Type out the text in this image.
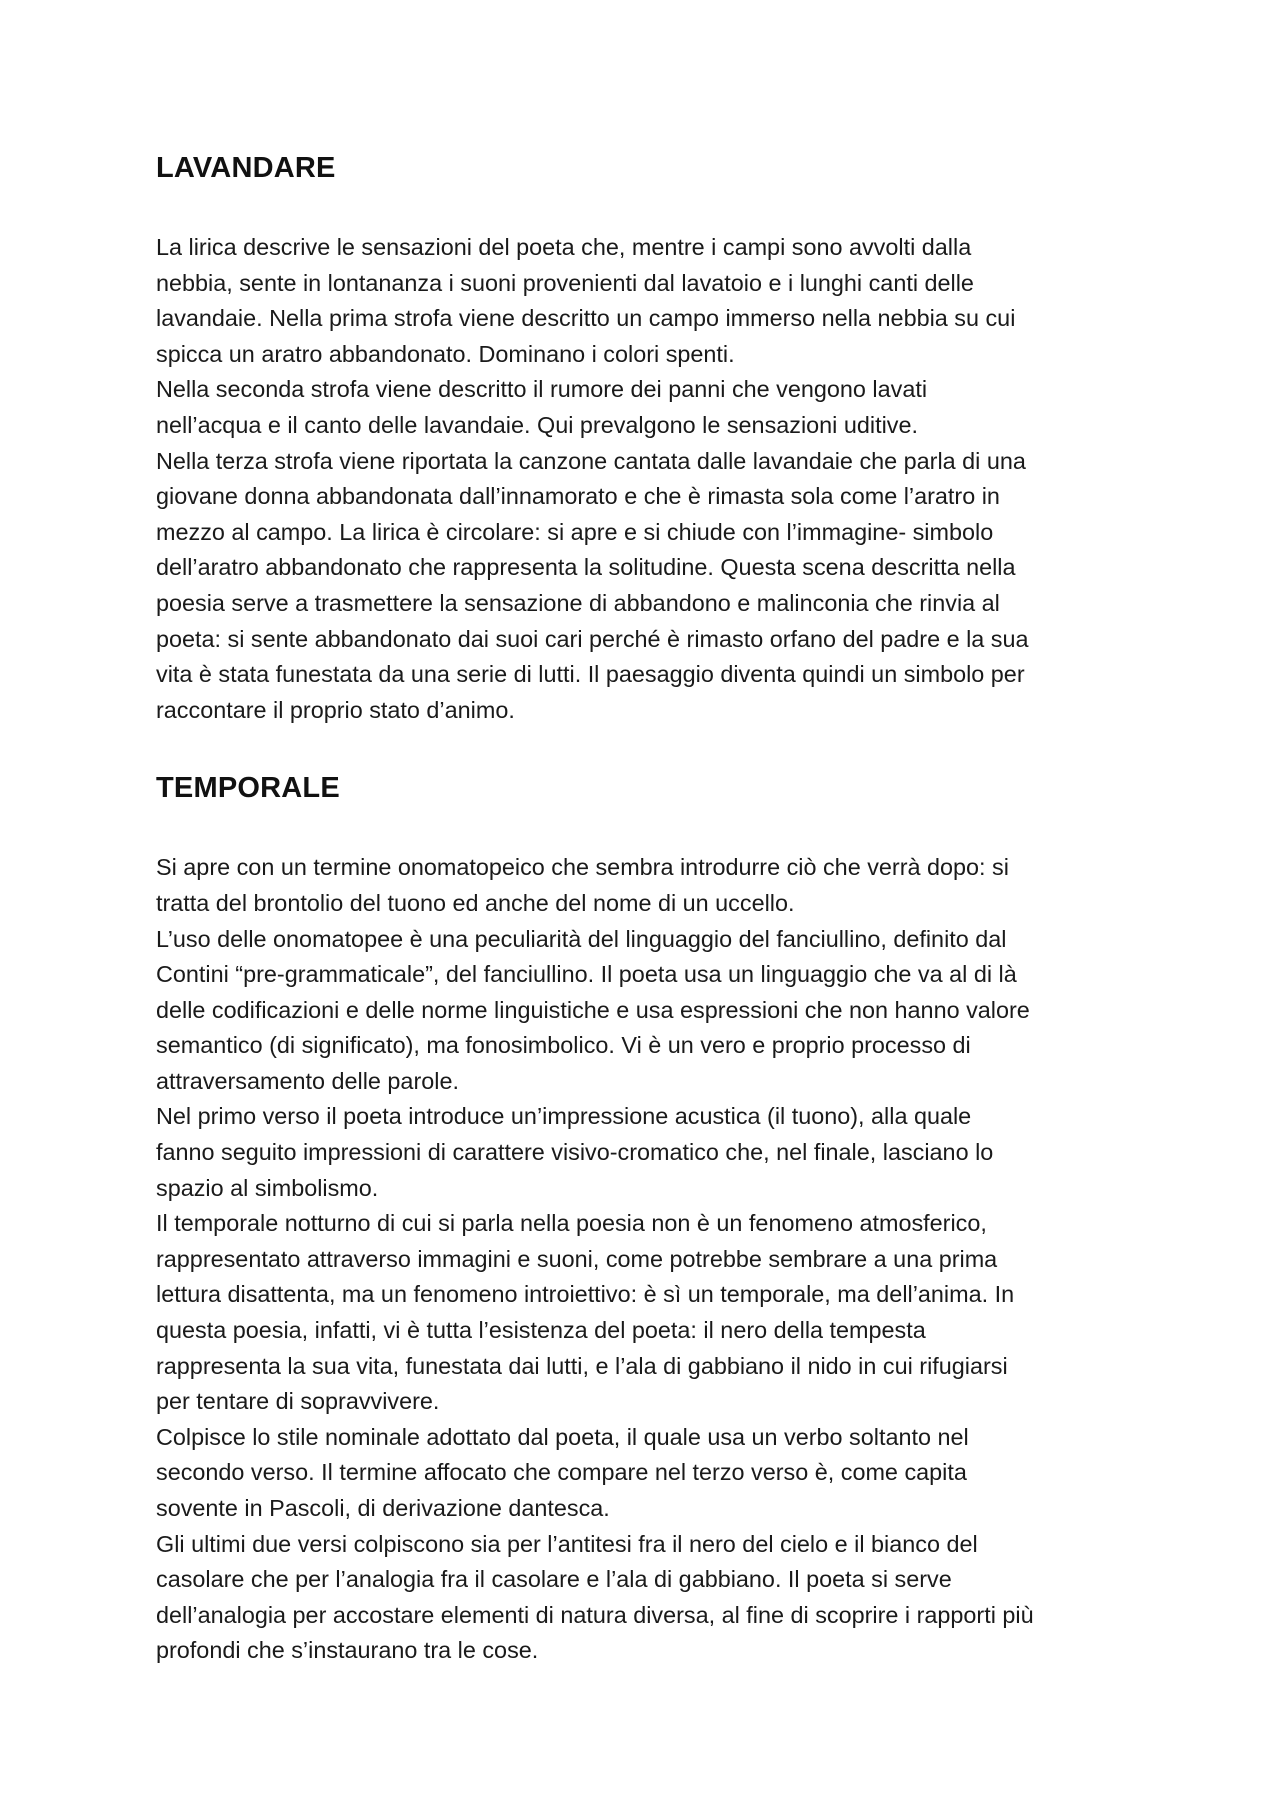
LAVANDARE

La lirica descrive le sensazioni del poeta che, mentre i campi sono avvolti dalla

nebbia, sente in lontananza i suoni provenienti dal lavatoio e i lunghi canti delle

lavandaie. Nella prima strofa viene descritto un campo immerso nella nebbia su cui

spicca un aratro abbandonato. Dominano i colori spenti.

Nella seconda strofa viene descritto il rumore dei panni che vengono lavati

nell’acqua e il canto delle lavandaie. Qui prevalgono le sensazioni uditive.

Nella terza strofa viene riportata la canzone cantata dalle lavandaie che parla di una

giovane donna abbandonata dall’innamorato e che è rimasta sola come l’aratro in

mezzo al campo. La lirica è circolare: si apre e si chiude con l’immagine- simbolo

dell’aratro abbandonato che rappresenta la solitudine. Questa scena descritta nella

poesia serve a trasmettere la sensazione di abbandono e malinconia che rinvia al

poeta: si sente abbandonato dai suoi cari perché è rimasto orfano del padre e la sua

vita è stata funestata da una serie di lutti. Il paesaggio diventa quindi un simbolo per

raccontare il proprio stato d’animo.

TEMPORALE

Si apre con un termine onomatopeico che sembra introdurre ciò che verrà dopo: si

tratta del brontolio del tuono ed anche del nome di un uccello.

L’uso delle onomatopee è una peculiarità del linguaggio del fanciullino, definito dal

Contini “pre-grammaticale”, del fanciullino. Il poeta usa un linguaggio che va al di là

delle codificazioni e delle norme linguistiche e usa espressioni che non hanno valore

semantico (di significato), ma fonosimbolico. Vi è un vero e proprio processo di

attraversamento delle parole.

Nel primo verso il poeta introduce un’impressione acustica (il tuono), alla quale

fanno seguito impressioni di carattere visivo-cromatico che, nel finale, lasciano lo

spazio al simbolismo.

Il temporale notturno di cui si parla nella poesia non è un fenomeno atmosferico,

rappresentato attraverso immagini e suoni, come potrebbe sembrare a una prima

lettura disattenta, ma un fenomeno introiettivo: è sì un temporale, ma dell’anima. In

questa poesia, infatti, vi è tutta l’esistenza del poeta: il nero della tempesta

rappresenta la sua vita, funestata dai lutti, e l’ala di gabbiano il nido in cui rifugiarsi

per tentare di sopravvivere.

Colpisce lo stile nominale adottato dal poeta, il quale usa un verbo soltanto nel

secondo verso. Il termine affocato che compare nel terzo verso è, come capita

sovente in Pascoli, di derivazione dantesca.

Gli ultimi due versi colpiscono sia per l’antitesi fra il nero del cielo e il bianco del

casolare che per l’analogia fra il casolare e l’ala di gabbiano. Il poeta si serve

dell’analogia per accostare elementi di natura diversa, al fine di scoprire i rapporti più

profondi che s’instaurano tra le cose.
